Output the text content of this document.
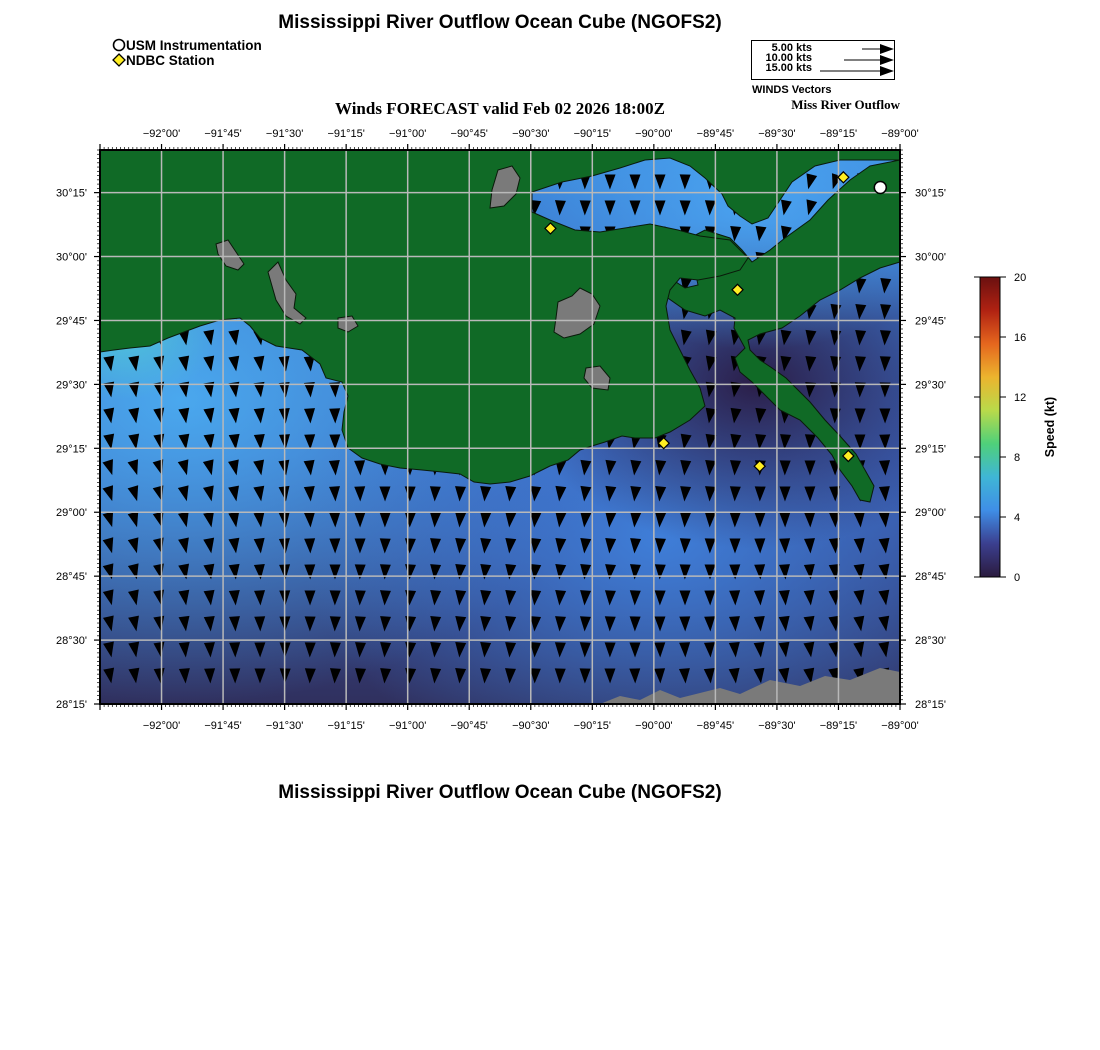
Mississippi River Outflow Ocean Cube (NGOFS2)
USM Instrumentation
NDBC Station
5.00 kts
10.00 kts
15.00 kts
WINDS Vectors
Winds FORECAST valid Feb 02 2026 18:00Z	Miss River Outflow
−92°00'
−92°00'
−91°45'
−91°45'
−91°30'
−91°30'
−91°15'
−91°15'
−91°00'
−91°00'
−90°45'
−90°45'
−90°30'
−90°30'
−90°15'
−90°15'
−90°00'
−90°00'
−89°45'
−89°45'
−89°30'
−89°30'
−89°15'
−89°15'
−89°00'
−89°00'
30°15'	30°15'
30°00'	30°00'
29°45'	29°45'
29°30'	29°30'
29°15'	29°15'
29°00'	29°00'
28°45'	28°45'
28°30'	28°30'
28°15'	28°15'
20
16
12
8
4
0
Speed (kt)
Mississippi River Outflow Ocean Cube (NGOFS2)
